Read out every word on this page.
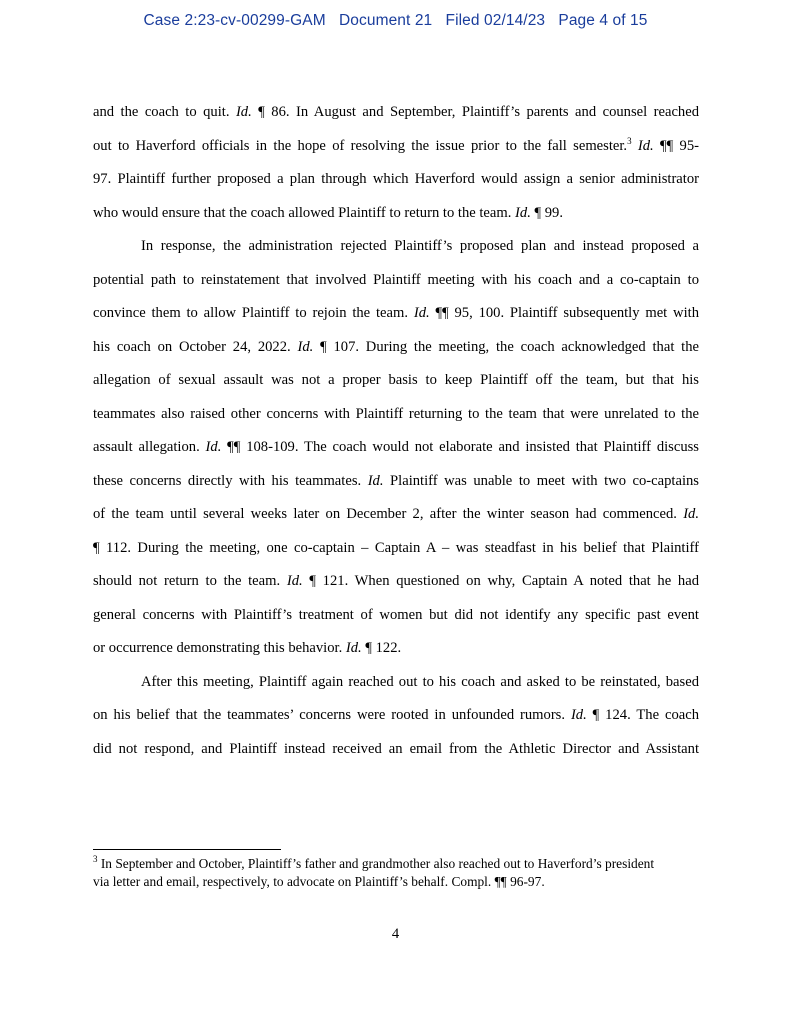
Case 2:23-cv-00299-GAM Document 21 Filed 02/14/23 Page 4 of 15
and the coach to quit. Id. ¶ 86. In August and September, Plaintiff’s parents and counsel reached
out to Haverford officials in the hope of resolving the issue prior to the fall semester.$^3$ Id. ¶¶ 95-
97. Plaintiff further proposed a plan through which Haverford would assign a senior administrator
who would ensure that the coach allowed Plaintiff to return to the team. Id. ¶ 99.
In response, the administration rejected Plaintiff’s proposed plan and instead proposed a
potential path to reinstatement that involved Plaintiff meeting with his coach and a co-captain to
convince them to allow Plaintiff to rejoin the team. Id. ¶¶ 95, 100. Plaintiff subsequently met with
his coach on October 24, 2022. Id. ¶ 107. During the meeting, the coach acknowledged that the
allegation of sexual assault was not a proper basis to keep Plaintiff off the team, but that his
teammates also raised other concerns with Plaintiff returning to the team that were unrelated to the
assault allegation. Id. ¶¶ 108-109. The coach would not elaborate and insisted that Plaintiff discuss
these concerns directly with his teammates. Id. Plaintiff was unable to meet with two co-captains
of the team until several weeks later on December 2, after the winter season had commenced. Id.
¶ 112. During the meeting, one co-captain – Captain A – was steadfast in his belief that Plaintiff
should not return to the team. Id. ¶ 121. When questioned on why, Captain A noted that he had
general concerns with Plaintiff’s treatment of women but did not identify any specific past event
or occurrence demonstrating this behavior. Id. ¶ 122.
After this meeting, Plaintiff again reached out to his coach and asked to be reinstated, based
on his belief that the teammates’ concerns were rooted in unfounded rumors. Id. ¶ 124. The coach
did not respond, and Plaintiff instead received an email from the Athletic Director and Assistant
$^3$ In September and October, Plaintiff’s father and grandmother also reached out to Haverford’s president
via letter and email, respectively, to advocate on Plaintiff’s behalf. Compl. ¶¶ 96-97.
4
